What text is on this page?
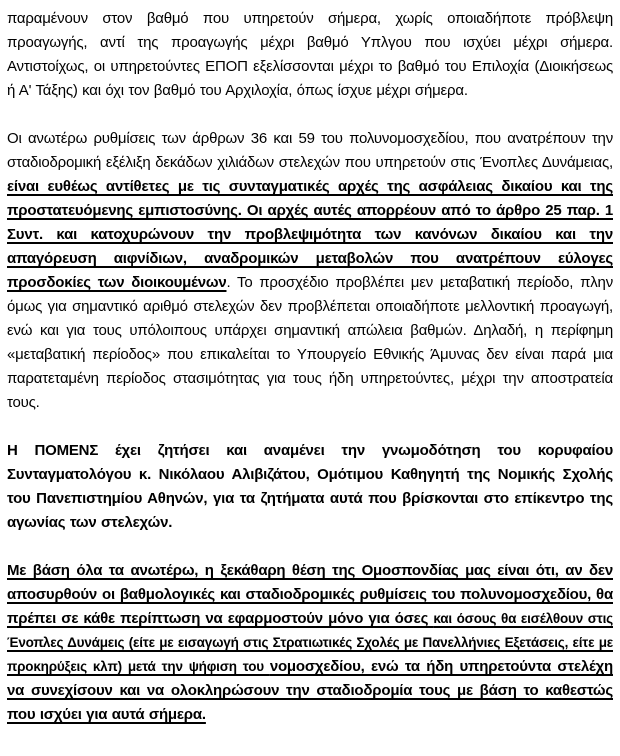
παραμένουν στον βαθμό που υπηρετούν σήμερα, χωρίς οποιαδήποτε πρόβλεψη προαγωγής, αντί της προαγωγής μέχρι βαθμό Υπλγου που ισχύει μέχρι σήμερα. Αντιστοίχως, οι υπηρετούντες ΕΠΟΠ εξελίσσονται μέχρι το βαθμό του Επιλοχία (Διοικήσεως ή Α' Τάξης) και όχι τον βαθμό του Αρχιλοχία, όπως ίσχυε μέχρι σήμερα.

Οι ανωτέρω ρυθμίσεις των άρθρων 36 και 59 του πολυνομοσχεδίου, που ανατρέπουν την σταδιοδρομική εξέλιξη δεκάδων χιλιάδων στελεχών που υπηρετούν στις Ένοπλες Δυνάμειας, είναι ευθέως αντίθετες με τις συνταγματικές αρχές της ασφάλειας δικαίου και της προστατευόμενης εμπιστοσύνης. Οι αρχές αυτές απορρέουν από το άρθρο 25 παρ. 1 Συντ. και κατοχυρώνουν την προβλεψιμότητα των κανόνων δικαίου και την απαγόρευση αιφνίδιων, αναδρομικών μεταβολών που ανατρέπουν εύλογες προσδοκίες των διοικουμένων. Το προσχέδιο προβλέπει μεν μεταβατική περίοδο, πλην όμως για σημαντικό αριθμό στελεχών δεν προβλέπεται οποιαδήποτε μελλοντική προαγωγή, ενώ και για τους υπόλοιπους υπάρχει σημαντική απώλεια βαθμών. Δηλαδή, η περίφημη «μεταβατική περίοδος» που επικαλείται το Υπουργείο Εθνικής Άμυνας δεν είναι παρά μια παρατεταμένη περίοδος στασιμότητας για τους ήδη υπηρετούντες, μέχρι την αποστρατεία τους.

Η ΠΟΜΕΝΣ έχει ζητήσει και αναμένει την γνωμοδότηση του κορυφαίου Συνταγματολόγου κ. Νικόλαου Αλιβιζάτου, Ομότιμου Καθηγητή της Νομικής Σχολής του Πανεπιστημίου Αθηνών, για τα ζητήματα αυτά που βρίσκονται στο επίκεντρο της αγωνίας των στελεχών.

Με βάση όλα τα ανωτέρω, η ξεκάθαρη θέση της Ομοσπονδίας μας είναι ότι, αν δεν αποσυρθούν οι βαθμολογικές και σταδιοδρομικές ρυθμίσεις του πολυνομοσχεδίου, θα πρέπει σε κάθε περίπτωση να εφαρμοστούν μόνο για όσες και όσους θα εισέλθουν στις Ένοπλες Δυνάμεις (είτε με εισαγωγή στις Στρατιωτικές Σχολές με Πανελλήνιες Εξετάσεις, είτε με προκηρύξεις κλπ) μετά την ψήφιση του νομοσχεδίου, ενώ τα ήδη υπηρετούντα στελέχη να συνεχίσουν και να ολοκληρώσουν την σταδιοδρομία τους με βάση το καθεστώς που ισχύει για αυτά σήμερα.
